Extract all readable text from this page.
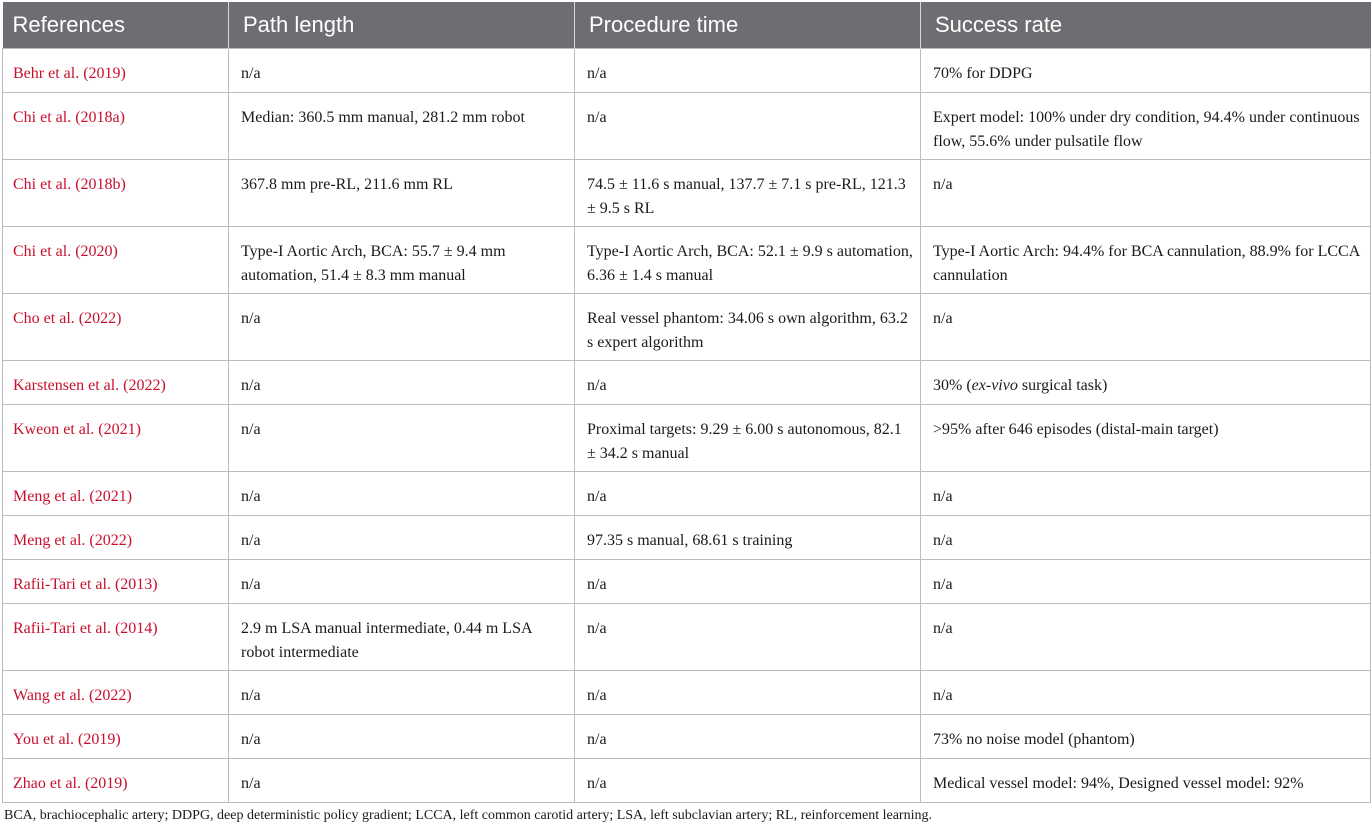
References	Path length	Procedure time	Success rate
Behr et al. (2019)	n/a	n/a	70% for DDPG
Chi et al. (2018a)	Median: 360.5 mm manual, 281.2 mm robot	n/a	Expert model: 100% under dry condition, 94.4% under continuous flow, 55.6% under pulsatile flow
Chi et al. (2018b)	367.8 mm pre-RL, 211.6 mm RL	74.5 ± 11.6 s manual, 137.7 ± 7.1 s pre-RL, 121.3 ± 9.5 s RL	n/a
Chi et al. (2020)	Type-I Aortic Arch, BCA: 55.7 ± 9.4 mm automation, 51.4 ± 8.3 mm manual	Type-I Aortic Arch, BCA: 52.1 ± 9.9 s automation, 6.36 ± 1.4 s manual	Type-I Aortic Arch: 94.4% for BCA cannulation, 88.9% for LCCA cannulation
Cho et al. (2022)	n/a	Real vessel phantom: 34.06 s own algorithm, 63.2 s expert algorithm	n/a
Karstensen et al. (2022)	n/a	n/a	30% (ex-vivo surgical task)
Kweon et al. (2021)	n/a	Proximal targets: 9.29 ± 6.00 s autonomous, 82.1 ± 34.2 s manual	>95% after 646 episodes (distal-main target)
Meng et al. (2021)	n/a	n/a	n/a
Meng et al. (2022)	n/a	97.35 s manual, 68.61 s training	n/a
Rafii-Tari et al. (2013)	n/a	n/a	n/a
Rafii-Tari et al. (2014)	2.9 m LSA manual intermediate, 0.44 m LSA robot intermediate	n/a	n/a
Wang et al. (2022)	n/a	n/a	n/a
You et al. (2019)	n/a	n/a	73% no noise model (phantom)
Zhao et al. (2019)	n/a	n/a	Medical vessel model: 94%, Designed vessel model: 92%
BCA, brachiocephalic artery; DDPG, deep deterministic policy gradient; LCCA, left common carotid artery; LSA, left subclavian artery; RL, reinforcement learning.
